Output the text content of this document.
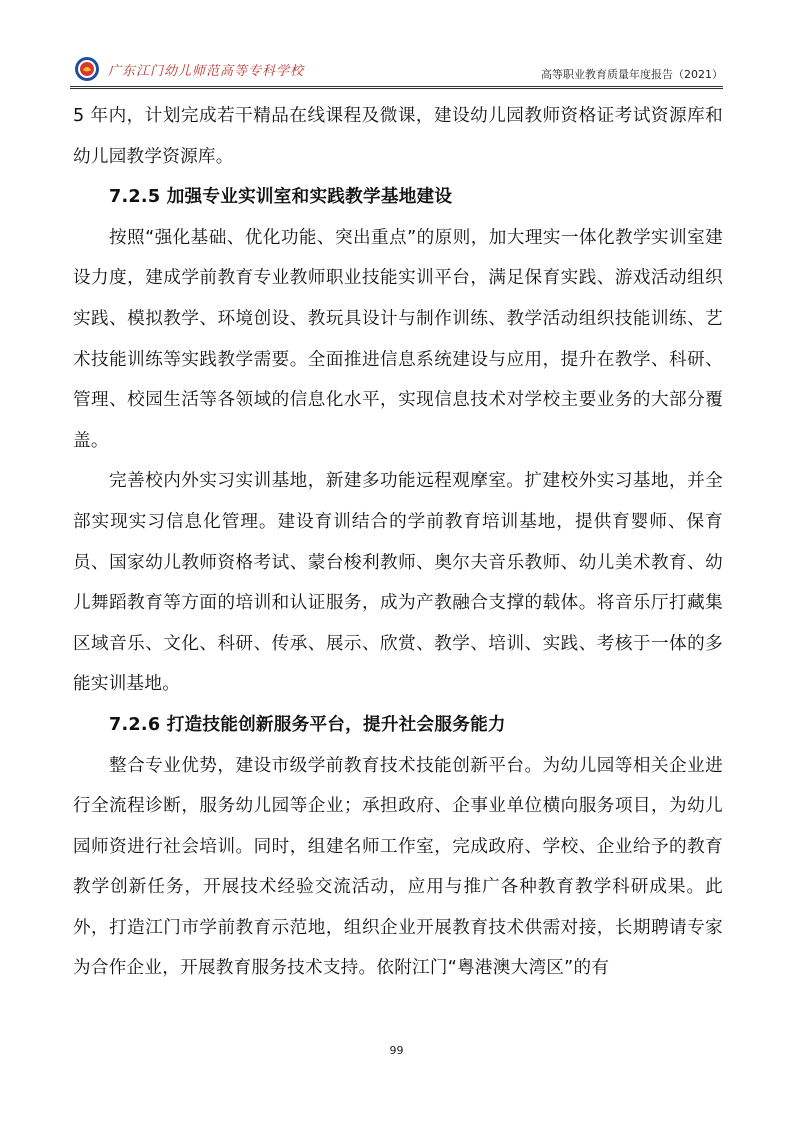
广东江门幼儿师范高等专科学校	高等职业教育质量年度报告（2021）

5 年内，计划完成若干精品在线课程及微课，建设幼儿园教师资格证考试资源库和幼儿园教学资源库。

7.2.5 加强专业实训室和实践教学基地建设

按照“强化基础、优化功能、突出重点”的原则，加大理实一体化教学实训室建设力度，建成学前教育专业教师职业技能实训平台，满足保育实践、游戏活动组织实践、模拟教学、环境创设、教玩具设计与制作训练、教学活动组织技能训练、艺术技能训练等实践教学需要。全面推进信息系统建设与应用，提升在教学、科研、管理、校园生活等各领域的信息化水平，实现信息技术对学校主要业务的大部分覆盖。

完善校内外实习实训基地，新建多功能远程观摩室。扩建校外实习基地，并全部实现实习信息化管理。建设育训结合的学前教育培训基地，提供育婴师、保育员、国家幼儿教师资格考试、蒙台梭利教师、奥尔夫音乐教师、幼儿美术教育、幼儿舞蹈教育等方面的培训和认证服务，成为产教融合支撑的载体。将音乐厅打藏集区域音乐、文化、科研、传承、展示、欣赏、教学、培训、实践、考核于一体的多能实训基地。

7.2.6 打造技能创新服务平台，提升社会服务能力

整合专业优势，建设市级学前教育技术技能创新平台。为幼儿园等相关企业进行全流程诊断，服务幼儿园等企业；承担政府、企事业单位横向服务项目，为幼儿园师资进行社会培训。同时，组建名师工作室，完成政府、学校、企业给予的教育教学创新任务，开展技术经验交流活动，应用与推广各种教育教学科研成果。此外，打造江门市学前教育示范地，组织企业开展教育技术供需对接，长期聘请专家为合作企业，开展教育服务技术支持。依附江门“粤港澳大湾区”的有

99
